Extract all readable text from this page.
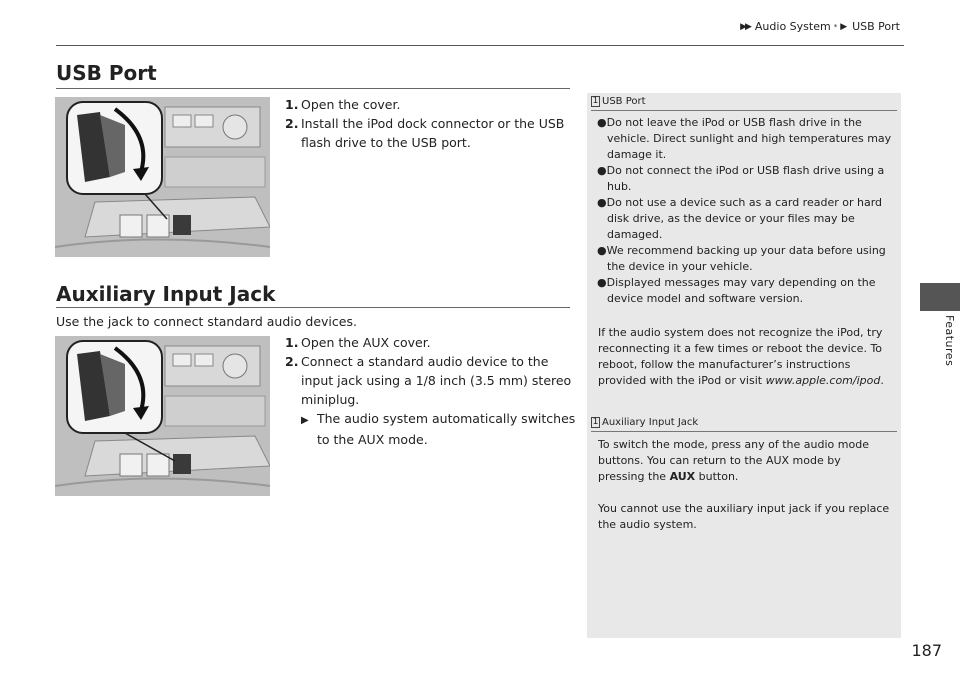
▶▶ Audio System * ▶ USB Port
Features
USB Port
1. Open the cover.
2. Install the iPod dock connector or the USB
flash drive to the USB port.
Auxiliary Input Jack
Use the jack to connect standard audio devices.
1. Open the AUX cover.
2. Connect a standard audio device to the
input jack using a 1/8 inch (3.5 mm) stereo
miniplug.
▶ The audio system automatically switches
to the AUX mode.
1 USB Port
●Do not leave the iPod or USB flash drive in the
vehicle. Direct sunlight and high temperatures may
damage it.
●Do not connect the iPod or USB flash drive using a
hub.
●Do not use a device such as a card reader or hard
disk drive, as the device or your files may be
damaged.
●We recommend backing up your data before using
the device in your vehicle.
●Displayed messages may vary depending on the
device model and software version.
If the audio system does not recognize the iPod, try
reconnecting it a few times or reboot the device. To
reboot, follow the manufacturer’s instructions
provided with the iPod or visit www.apple.com/ipod.
1 Auxiliary Input Jack
To switch the mode, press any of the audio mode
buttons. You can return to the AUX mode by
pressing the AUX button.
You cannot use the auxiliary input jack if you replace
the audio system.
187
